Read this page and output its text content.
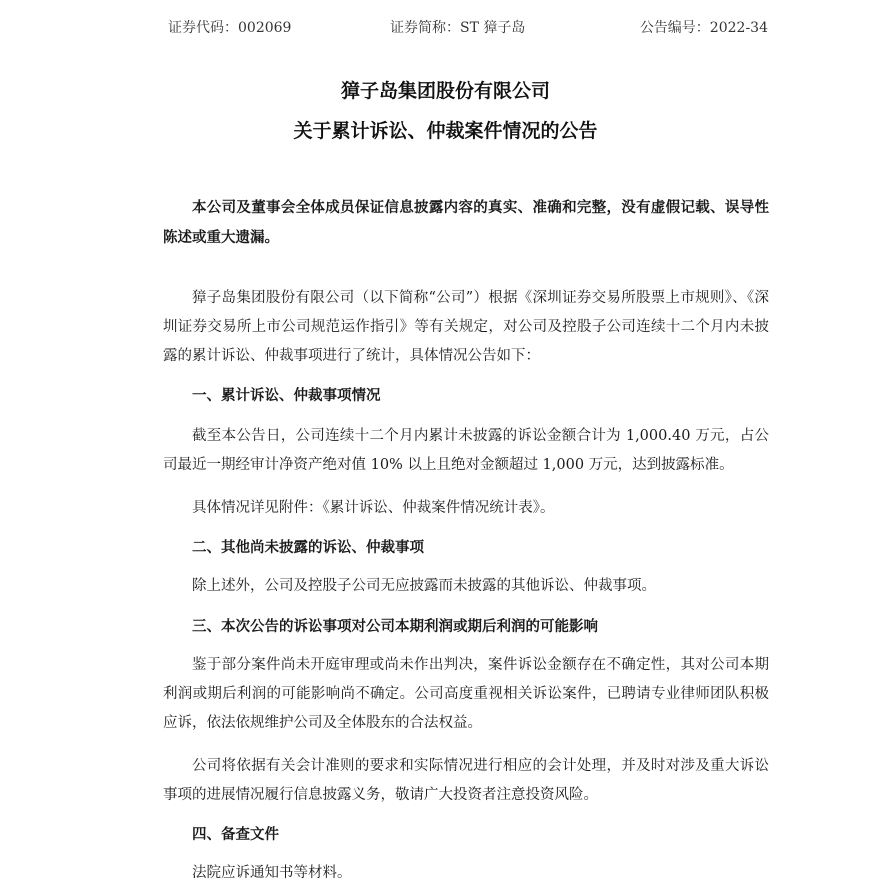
证券代码：002069	证券简称：ST 獐子岛	公告编号：2022-34
獐子岛集团股份有限公司
关于累计诉讼、仲裁案件情况的公告

本公司及董事会全体成员保证信息披露内容的真实、准确和完整，没有虚假记载、误导性陈述或重大遗漏。

獐子岛集团股份有限公司（以下简称“公司”）根据《深圳证券交易所股票上市规则》、《深圳证券交易所上市公司规范运作指引》等有关规定，对公司及控股子公司连续十二个月内未披露的累计诉讼、仲裁事项进行了统计，具体情况公告如下：

一、累计诉讼、仲裁事项情况

截至本公告日，公司连续十二个月内累计未披露的诉讼金额合计为 1,000.40 万元，占公司最近一期经审计净资产绝对值 10% 以上且绝对金额超过 1,000 万元，达到披露标准。

具体情况详见附件：《累计诉讼、仲裁案件情况统计表》。

二、其他尚未披露的诉讼、仲裁事项

除上述外，公司及控股子公司无应披露而未披露的其他诉讼、仲裁事项。

三、本次公告的诉讼事项对公司本期利润或期后利润的可能影响

鉴于部分案件尚未开庭审理或尚未作出判决，案件诉讼金额存在不确定性，其对公司本期利润或期后利润的可能影响尚不确定。公司高度重视相关诉讼案件，已聘请专业律师团队积极应诉，依法依规维护公司及全体股东的合法权益。

公司将依据有关会计准则的要求和实际情况进行相应的会计处理，并及时对涉及重大诉讼事项的进展情况履行信息披露义务，敬请广大投资者注意投资风险。

四、备查文件

法院应诉通知书等材料。
